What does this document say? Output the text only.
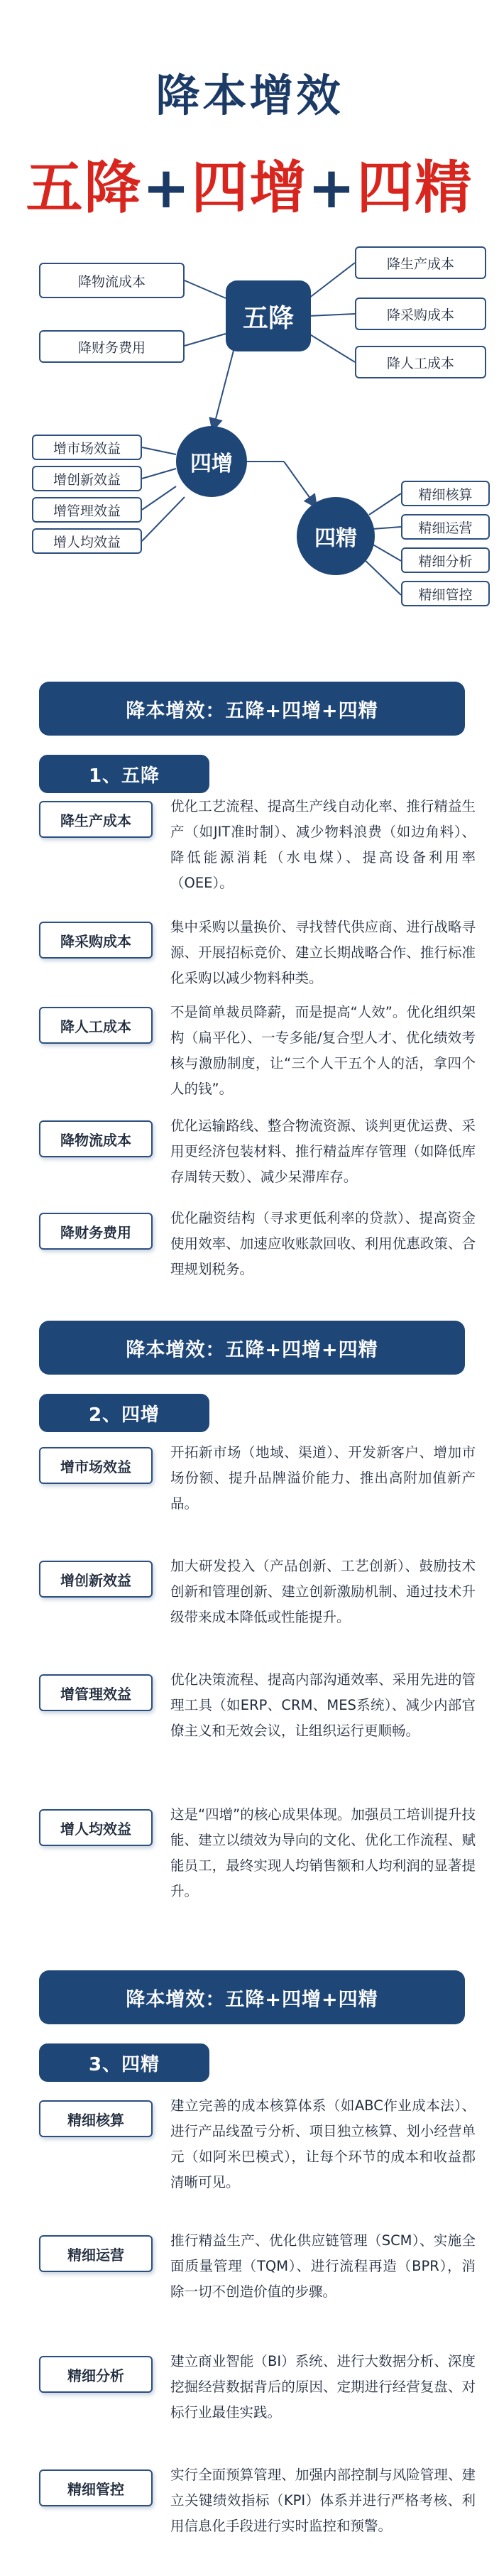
降本增效
五降+四增+四精
五降
四增
四精
降物流成本
降财务费用
降生产成本
降采购成本
降人工成本
增市场效益
增创新效益
增管理效益
增人均效益
精细核算
精细运营
精细分析
精细管控
降本增效：五降+四增+四精
1、五降
降生产成本
优化工艺流程、提高生产线自动化率、推行精益生产（如JIT准时制）、减少物料浪费（如边角料）、降低能源消耗（水电煤）、提高设备利用率（OEE）。
降采购成本
集中采购以量换价、寻找替代供应商、进行战略寻源、开展招标竞价、建立长期战略合作、推行标准化采购以减少物料种类。
降人工成本
不是简单裁员降薪，而是提高“人效”。优化组织架构（扁平化）、一专多能/复合型人才、优化绩效考核与激励制度，让“三个人干五个人的活，拿四个人的钱”。
降物流成本
优化运输路线、整合物流资源、谈判更优运费、采用更经济包装材料、推行精益库存管理（如降低库存周转天数）、减少呆滞库存。
降财务费用
优化融资结构（寻求更低利率的贷款）、提高资金使用效率、加速应收账款回收、利用优惠政策、合理规划税务。
降本增效：五降+四增+四精
2、四增
增市场效益
开拓新市场（地域、渠道）、开发新客户、增加市场份额、提升品牌溢价能力、推出高附加值新产品。
增创新效益
加大研发投入（产品创新、工艺创新）、鼓励技术创新和管理创新、建立创新激励机制、通过技术升级带来成本降低或性能提升。
增管理效益
优化决策流程、提高内部沟通效率、采用先进的管理工具（如ERP、CRM、MES系统）、减少内部官僚主义和无效会议，让组织运行更顺畅。
增人均效益
这是“四增”的核心成果体现。加强员工培训提升技能、建立以绩效为导向的文化、优化工作流程、赋能员工，最终实现人均销售额和人均利润的显著提升。
降本增效：五降+四增+四精
3、四精
精细核算
建立完善的成本核算体系（如ABC作业成本法）、进行产品线盈亏分析、项目独立核算、划小经营单元（如阿米巴模式），让每个环节的成本和收益都清晰可见。
精细运营
推行精益生产、优化供应链管理（SCM）、实施全面质量管理（TQM）、进行流程再造（BPR），消除一切不创造价值的步骤。
精细分析
建立商业智能（BI）系统、进行大数据分析、深度挖掘经营数据背后的原因、定期进行经营复盘、对标行业最佳实践。
精细管控
实行全面预算管理、加强内部控制与风险管理、建立关键绩效指标（KPI）体系并进行严格考核、利用信息化手段进行实时监控和预警。
